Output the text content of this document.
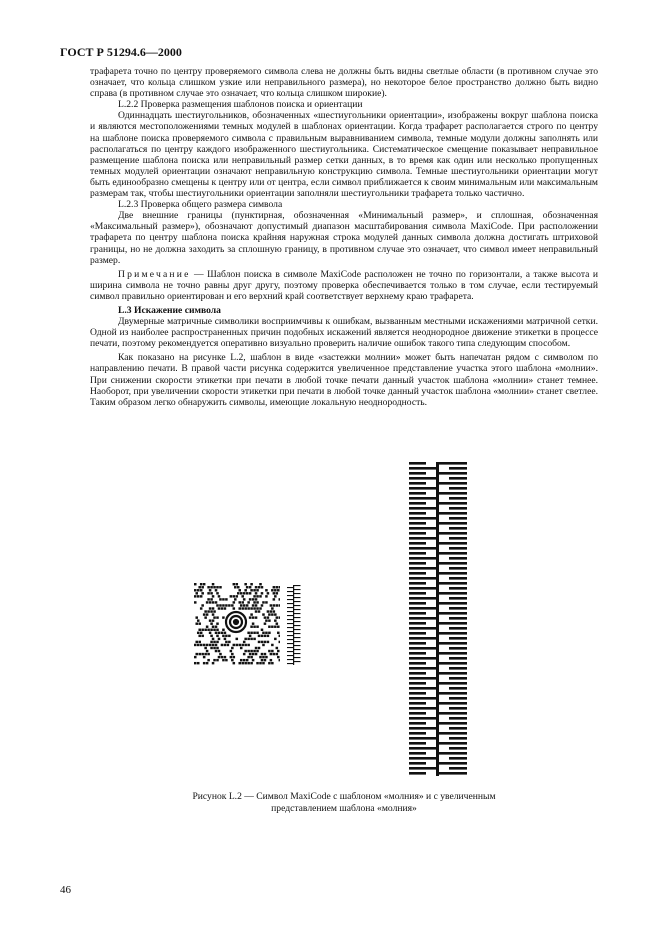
ГОСТ Р 51294.6—2000

трафарета точно по центру проверяемого символа слева не должны быть видны светлые области (в противном случае это означает, что кольца слишком узкие или неправильного размера), но некоторое белое пространство должно быть видно справа (в противном случае это означает, что кольца слишком широкие).

L.2.2 Проверка размещения шаблонов поиска и ориентации

Одиннадцать шестиугольников, обозначенных «шестиугольники ориентации», изображены вокруг шаблона поиска и являются местоположениями темных модулей в шаблонах ориентации. Когда трафарет располагается строго по центру на шаблоне поиска проверяемого символа с правильным выравниванием символа, темные модули должны заполнять или располагаться по центру каждого изображенного шестиугольника. Систематическое смещение показывает неправильное размещение шаблона поиска или неправильный размер сетки данных, в то время как один или несколько пропущенных темных модулей ориентации означают неправильную конструкцию символа. Темные шестиугольники ориентации могут быть единообразно смещены к центру или от центра, если символ приближается к своим минимальным или максимальным размерам так, чтобы шестиугольники ориентации заполняли шестиугольники трафарета только частично.

L.2.3 Проверка общего размера символа

Две внешние границы (пунктирная, обозначенная «Минимальный размер», и сплошная, обозначенная «Максимальный размер»), обозначают допустимый диапазон масштабирования символа MaxiCode. При расположении трафарета по центру шаблона поиска крайняя наружная строка модулей данных символа должна достигать штриховой границы, но не должна заходить за сплошную границу, в противном случае это означает, что символ имеет неправильный размер.

Примечание — Шаблон поиска в символе MaxiCode расположен не точно по горизонтали, а также высота и ширина символа не точно равны друг другу, поэтому проверка обеспечивается только в том случае, если тестируемый символ правильно ориентирован и его верхний край соответствует верхнему краю трафарета.

L.3 Искажение символа

Двумерные матричные символики восприимчивы к ошибкам, вызванным местными искажениями матричной сетки. Одной из наиболее распространенных причин подобных искажений является неоднородное движение этикетки в процессе печати, поэтому рекомендуется оперативно визуально проверить наличие ошибок такого типа следующим способом.

Как показано на рисунке L.2, шаблон в виде «застежки молнии» может быть напечатан рядом с символом по направлению печати. В правой части рисунка содержится увеличенное представление участка этого шаблона «молнии». При снижении скорости этикетки при печати в любой точке печати данный участок шаблона «молнии» станет темнее. Наоборот, при увеличении скорости этикетки при печати в любой точке данный участок шаблона «молнии» станет светлее. Таким образом легко обнаружить символы, имеющие локальную неоднородность.

Рисунок L.2 — Символ MaxiCode с шаблоном «молния» и с увеличенным
представлением шаблона «молния»
46
